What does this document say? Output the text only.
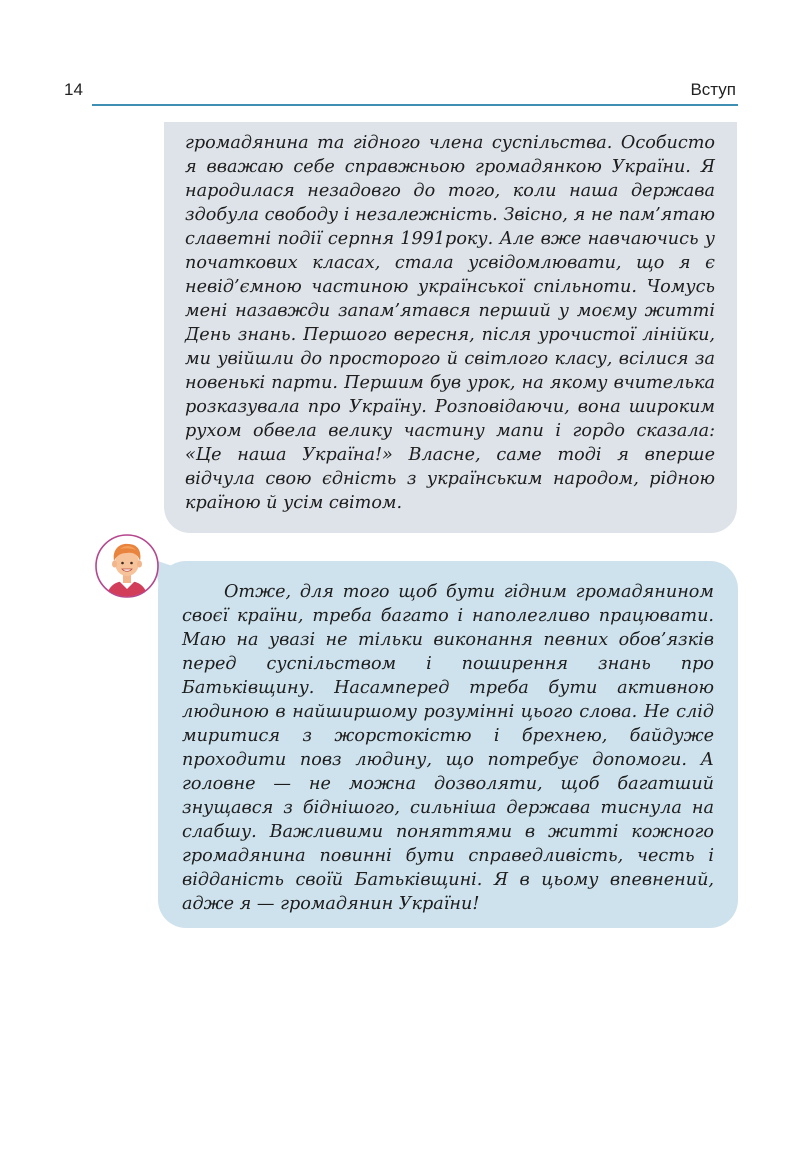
14	Вступ

громадянина та гідного члена суспільства. Особисто я вважаю себе справжньою громадянкою України. Я народилася незадовго до того, коли наша держава здобула свободу і незалежність. Звісно, я не пам’ятаю славетні події серпня 1991року. Але вже навчаючись у початкових класах, стала усвідомлювати, що я є невід’ємною частиною української спільноти. Чомусь мені назавжди запам’ятався перший у моєму житті День знань. Першого вересня, після урочистої лінійки, ми увійшли до просторого й світлого класу, всілися за новенькі парти. Першим був урок, на якому вчителька розказувала про Україну. Розповідаючи, вона широким рухом обвела велику частину мапи і гордо сказала: «Це наша Україна!» Власне, саме тоді я вперше відчула свою єдність з українським народом, рідною країною й усім світом.

Отже, для того щоб бути гідним громадянином своєї країни, треба багато і наполегливо працювати. Маю на увазі не тільки виконання певних обов’язків перед суспільством і поширення знань про Батьківщину. Насамперед треба бути активною людиною в найширшому розумінні цього слова. Не слід миритися з жорстокістю і брехнею, байдуже проходити повз людину, що потребує допомоги. А головне — не можна дозволяти, щоб багатший знущався з біднішого, сильніша держава тиснула на слабшу. Важливими поняттями в житті кожного громадянина повинні бути справедливість, честь і відданість своїй Батьківщині. Я в цьому впевнений, адже я — громадянин України!
